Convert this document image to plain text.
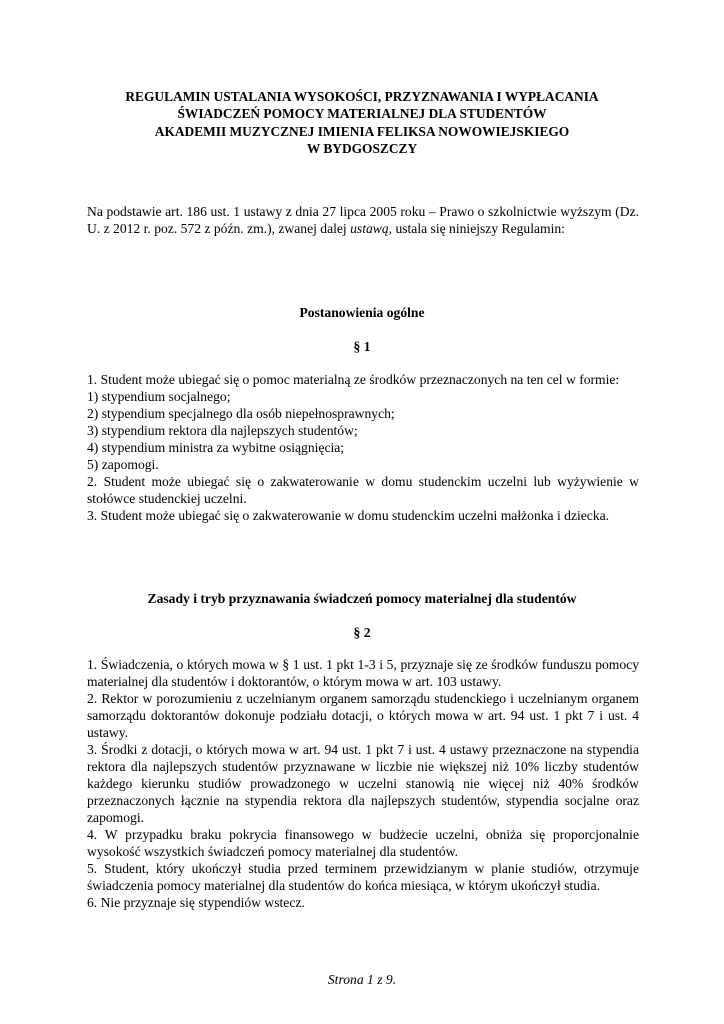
REGULAMIN USTALANIA WYSOKOŚCI, PRZYZNAWANIA I WYPŁACANIA
ŚWIADCZEŃ POMOCY MATERIALNEJ DLA STUDENTÓW
AKADEMII MUZYCZNEJ IMIENIA FELIKSA NOWOWIEJSKIEGO
W BYDGOSZCZY

Na podstawie art. 186 ust. 1 ustawy z dnia 27 lipca 2005 roku – Prawo o szkolnictwie wyższym (Dz. U. z 2012 r. poz. 572 z późn. zm.), zwanej dalej ustawą, ustala się niniejszy Regulamin:

Postanowienia ogólne
§ 1

1. Student może ubiegać się o pomoc materialną ze środków przeznaczonych na ten cel w formie:

1) stypendium socjalnego;

2) stypendium specjalnego dla osób niepełnosprawnych;

3) stypendium rektora dla najlepszych studentów;

4) stypendium ministra za wybitne osiągnięcia;

5) zapomogi.

2. Student może ubiegać się o zakwaterowanie w domu studenckim uczelni lub wyżywienie w stołówce studenckiej uczelni.

3. Student może ubiegać się o zakwaterowanie w domu studenckim uczelni małżonka i dziecka.

Zasady i tryb przyznawania świadczeń pomocy materialnej dla studentów
§ 2

1. Świadczenia, o których mowa w § 1 ust. 1 pkt 1-3 i 5, przyznaje się ze środków funduszu pomocy materialnej dla studentów i doktorantów, o którym mowa w art. 103 ustawy.

2. Rektor w porozumieniu z uczelnianym organem samorządu studenckiego i uczelnianym organem samorządu doktorantów dokonuje podziału dotacji, o których mowa w art. 94 ust. 1 pkt 7 i ust. 4 ustawy.

3. Środki z dotacji, o których mowa w art. 94 ust. 1 pkt 7 i ust. 4 ustawy przeznaczone na stypendia rektora dla najlepszych studentów przyznawane w liczbie nie większej niż 10% liczby studentów każdego kierunku studiów prowadzonego w uczelni stanowią nie więcej niż 40% środków przeznaczonych łącznie na stypendia rektora dla najlepszych studentów, stypendia socjalne oraz zapomogi.

4. W przypadku braku pokrycia finansowego w budżecie uczelni, obniża się proporcjonalnie wysokość wszystkich świadczeń pomocy materialnej dla studentów.

5. Student, który ukończył studia przed terminem przewidzianym w planie studiów, otrzymuje świadczenia pomocy materialnej dla studentów do końca miesiąca, w którym ukończył studia.

6. Nie przyznaje się stypendiów wstecz.

Strona 1 z 9.
